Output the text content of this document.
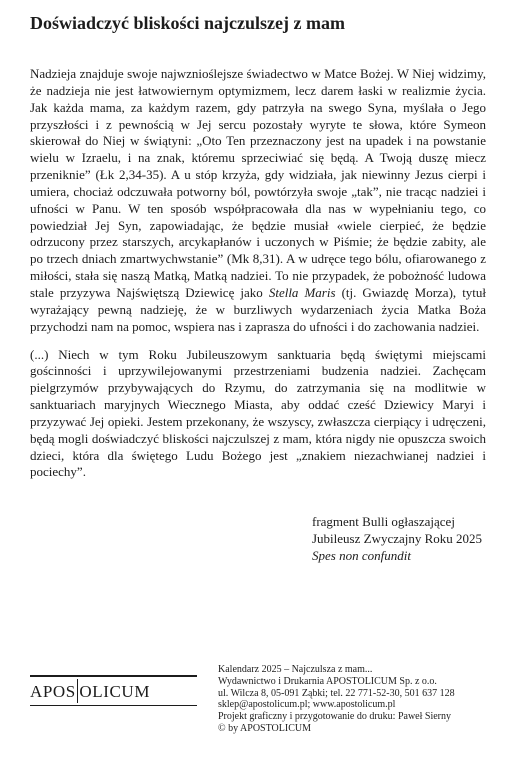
Doświadczyć bliskości najczulszej z mam

Nadzieja znajduje swoje najwznioślejsze świadectwo w Matce Bożej. W Niej widzimy, że nadzieja nie jest łatwowiernym optymizmem, lecz darem łaski w realizmie życia. Jak każda mama, za każdym razem, gdy patrzyła na swego Syna, myślała o Jego przyszłości i z pewnością w Jej sercu pozostały wyryte te słowa, które Symeon skierował do Niej w świątyni: „Oto Ten przeznaczony jest na upadek i na powstanie wielu w Izraelu, i na znak, któremu sprzeciwiać się będą. A Twoją duszę miecz przeniknie” (Łk 2,34-35). A u stóp krzyża, gdy widziała, jak niewinny Jezus cierpi i umiera, chociaż odczuwała potworny ból, powtórzyła swoje „tak”, nie tracąc nadziei i ufności w Panu. W ten sposób współpracowała dla nas w wypełnianiu tego, co powiedział Jej Syn, zapowiadając, że będzie musiał «wiele cierpieć, że będzie odrzucony przez starszych, arcykapłanów i uczonych w Piśmie; że będzie zabity, ale po trzech dniach zmartwychwstanie” (Mk 8,31). A w udręce tego bólu, ofiarowanego z miłości, stała się naszą Matką, Matką nadziei. To nie przypadek, że pobożność ludowa stale przyzywa Najświętszą Dziewicę jako Stella Maris (tj. Gwiazdę Morza), tytuł wyrażający pewną nadzieję, że w burzliwych wydarzeniach życia Matka Boża przychodzi nam na pomoc, wspiera nas i zaprasza do ufności i do zachowania nadziei.

(...) Niech w tym Roku Jubileuszowym sanktuaria będą świętymi miejscami gościnności i uprzywilejowanymi przestrzeniami budzenia nadziei. Zachęcam pielgrzymów przybywających do Rzymu, do zatrzymania się na modlitwie w sanktuariach maryjnych Wiecznego Miasta, aby oddać cześć Dziewicy Maryi i przyzywać Jej opieki. Jestem przekonany, że wszyscy, zwłaszcza cierpiący i udręczeni, będą mogli doświadczyć bliskości najczulszej z mam, która nigdy nie opuszcza swoich dzieci, która dla świętego Ludu Bożego jest „znakiem niezachwianej nadziei i pociechy”.

fragment Bulli ogłaszającej
Jubileusz Zwyczajny Roku 2025
Spes non confundit
APOS OLICUM
Kalendarz 2025 – Najczulsza z mam...
Wydawnictwo i Drukarnia APOSTOLICUM Sp. z o.o.
ul. Wilcza 8, 05-091 Ząbki; tel. 22 771-52-30, 501 637 128
sklep@apostolicum.pl; www.apostolicum.pl
Projekt graficzny i przygotowanie do druku: Paweł Sierny
© by APOSTOLICUM
